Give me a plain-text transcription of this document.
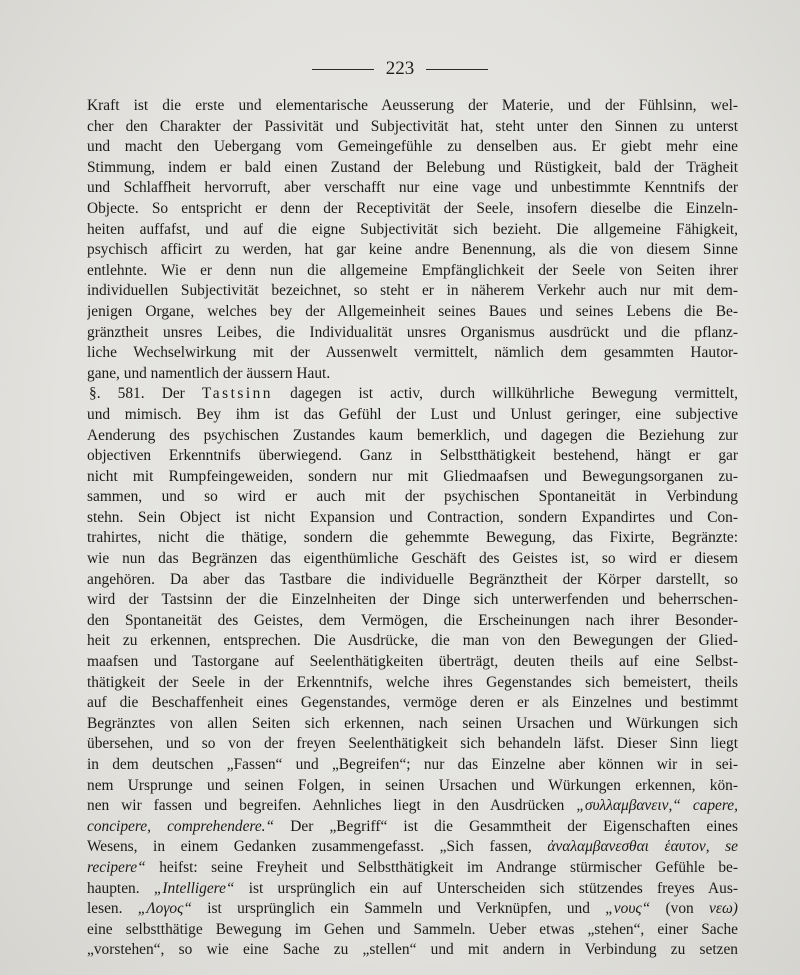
223
Kraft ist die erste und elementarische Aeusserung der Materie, und der Fühlsinn, wel-
cher den Charakter der Passivität und Subjectivität hat, steht unter den Sinnen zu unterst
und macht den Uebergang vom Gemeingefühle zu denselben aus. Er giebt mehr eine
Stimmung, indem er bald einen Zustand der Belebung und Rüstigkeit, bald der Trägheit
und Schlaffheit hervorruft, aber verschafft nur eine vage und unbestimmte Kenntnifs der
Objecte. So entspricht er denn der Receptivität der Seele, insofern dieselbe die Einzeln-
heiten auffafst, und auf die eigne Subjectivität sich bezieht. Die allgemeine Fähigkeit,
psychisch afficirt zu werden, hat gar keine andre Benennung, als die von diesem Sinne
entlehnte. Wie er denn nun die allgemeine Empfänglichkeit der Seele von Seiten ihrer
individuellen Subjectivität bezeichnet, so steht er in näherem Verkehr auch nur mit dem-
jenigen Organe, welches bey der Allgemeinheit seines Baues und seines Lebens die Be-
gränztheit unsres Leibes, die Individualität unsres Organismus ausdrückt und die pflanz-
liche Wechselwirkung mit der Aussenwelt vermittelt, nämlich dem gesammten Hautor-
gane, und namentlich der äussern Haut.
§. 581. Der Tastsinn dagegen ist activ, durch willkührliche Bewegung vermittelt,
und mimisch. Bey ihm ist das Gefühl der Lust und Unlust geringer, eine subjective
Aenderung des psychischen Zustandes kaum bemerklich, und dagegen die Beziehung zur
objectiven Erkenntnifs überwiegend. Ganz in Selbstthätigkeit bestehend, hängt er gar
nicht mit Rumpfeingeweiden, sondern nur mit Gliedmaafsen und Bewegungsorganen zu-
sammen, und so wird er auch mit der psychischen Spontaneität in Verbindung
stehn. Sein Object ist nicht Expansion und Contraction, sondern Expandirtes und Con-
trahirtes, nicht die thätige, sondern die gehemmte Bewegung, das Fixirte, Begränzte:
wie nun das Begränzen das eigenthümliche Geschäft des Geistes ist, so wird er diesem
angehören. Da aber das Tastbare die individuelle Begränztheit der Körper darstellt, so
wird der Tastsinn der die Einzelnheiten der Dinge sich unterwerfenden und beherrschen-
den Spontaneität des Geistes, dem Vermögen, die Erscheinungen nach ihrer Besonder-
heit zu erkennen, entsprechen. Die Ausdrücke, die man von den Bewegungen der Glied-
maafsen und Tastorgane auf Seelenthätigkeiten überträgt, deuten theils auf eine Selbst-
thätigkeit der Seele in der Erkenntnifs, welche ihres Gegenstandes sich bemeistert, theils
auf die Beschaffenheit eines Gegenstandes, vermöge deren er als Einzelnes und bestimmt
Begränztes von allen Seiten sich erkennen, nach seinen Ursachen und Würkungen sich
übersehen, und so von der freyen Seelenthätigkeit sich behandeln läfst. Dieser Sinn liegt
in dem deutschen „Fassen“ und „Begreifen“; nur das Einzelne aber können wir in sei-
nem Ursprunge und seinen Folgen, in seinen Ursachen und Würkungen erkennen, kön-
nen wir fassen und begreifen. Aehnliches liegt in den Ausdrücken „συλλαμβανειν,“ capere,
concipere, comprehendere.“ Der „Begriff“ ist die Gesammtheit der Eigenschaften eines
Wesens, in einem Gedanken zusammengefasst. „Sich fassen, ἀναλαμβανεσθαι ἑαυτον, se
recipere“ heifst: seine Freyheit und Selbstthätigkeit im Andrange stürmischer Gefühle be-
haupten. „Intelligere“ ist ursprünglich ein auf Unterscheiden sich stützendes freyes Aus-
lesen. „Λογος“ ist ursprünglich ein Sammeln und Verknüpfen, und „νους“ (von νεω)
eine selbstthätige Bewegung im Gehen und Sammeln. Ueber etwas „stehen“, einer Sache
„vorstehen“, so wie eine Sache zu „stellen“ und mit andern in Verbindung zu setzen
